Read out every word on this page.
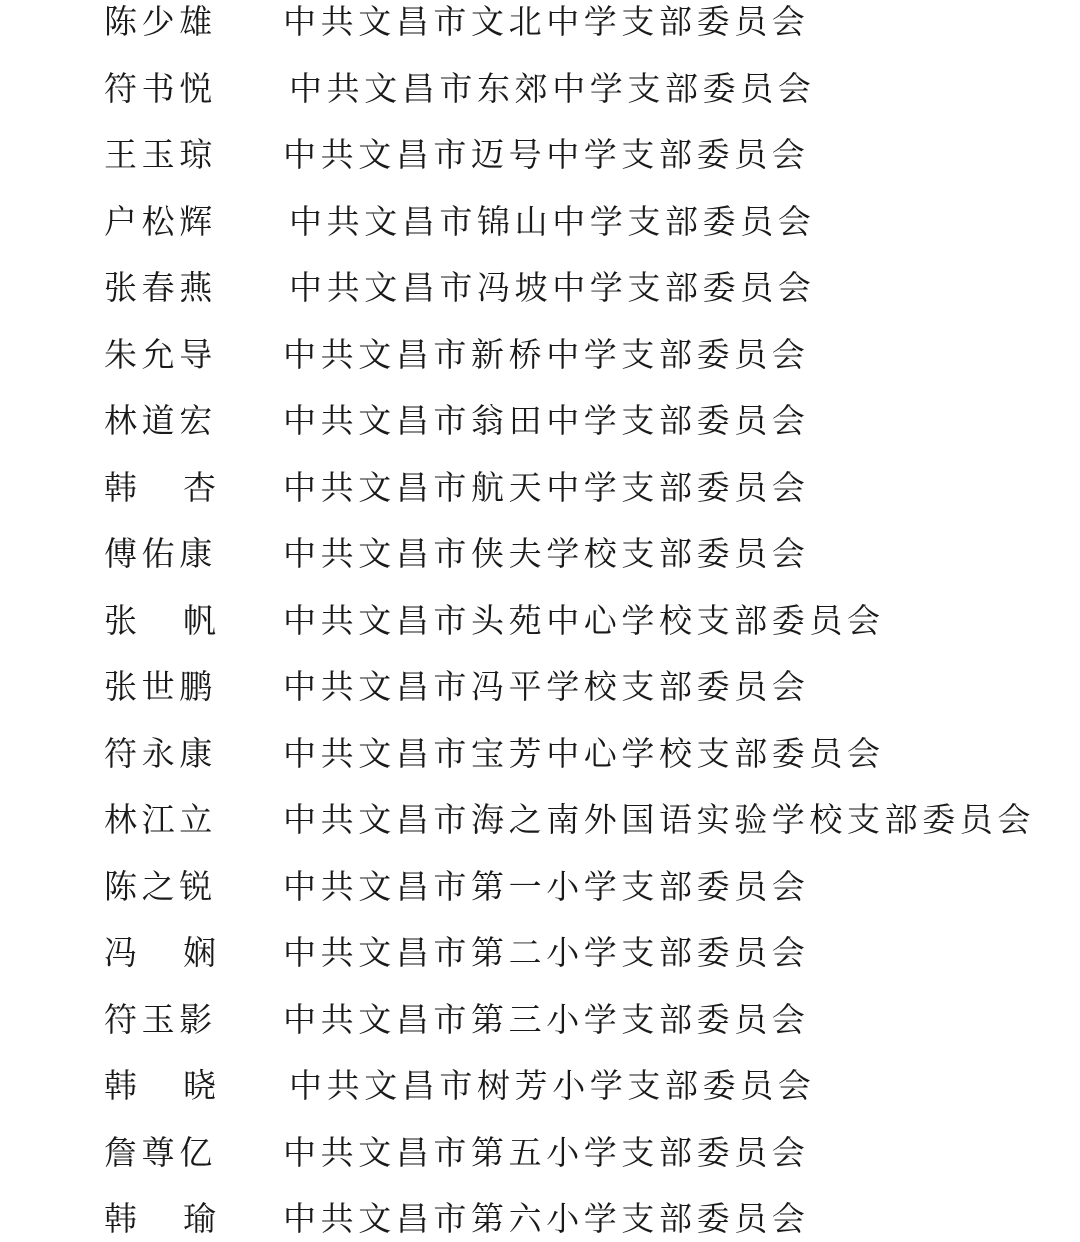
陈少雄 中共文昌市文北中学支部委员会
符书悦 中共文昌市东郊中学支部委员会
王玉琼 中共文昌市迈号中学支部委员会
户松辉 中共文昌市锦山中学支部委员会
张春燕 中共文昌市冯坡中学支部委员会
朱允导 中共文昌市新桥中学支部委员会
林道宏 中共文昌市翁田中学支部委员会
韩 杏 中共文昌市航天中学支部委员会
傅佑康 中共文昌市侠夫学校支部委员会
张 帆 中共文昌市头苑中心学校支部委员会
张世鹏 中共文昌市冯平学校支部委员会
符永康 中共文昌市宝芳中心学校支部委员会
林江立 中共文昌市海之南外国语实验学校支部委员会
陈之锐 中共文昌市第一小学支部委员会
冯 娴 中共文昌市第二小学支部委员会
符玉影 中共文昌市第三小学支部委员会
韩 晓 中共文昌市树芳小学支部委员会
詹尊亿 中共文昌市第五小学支部委员会
韩 瑜 中共文昌市第六小学支部委员会
